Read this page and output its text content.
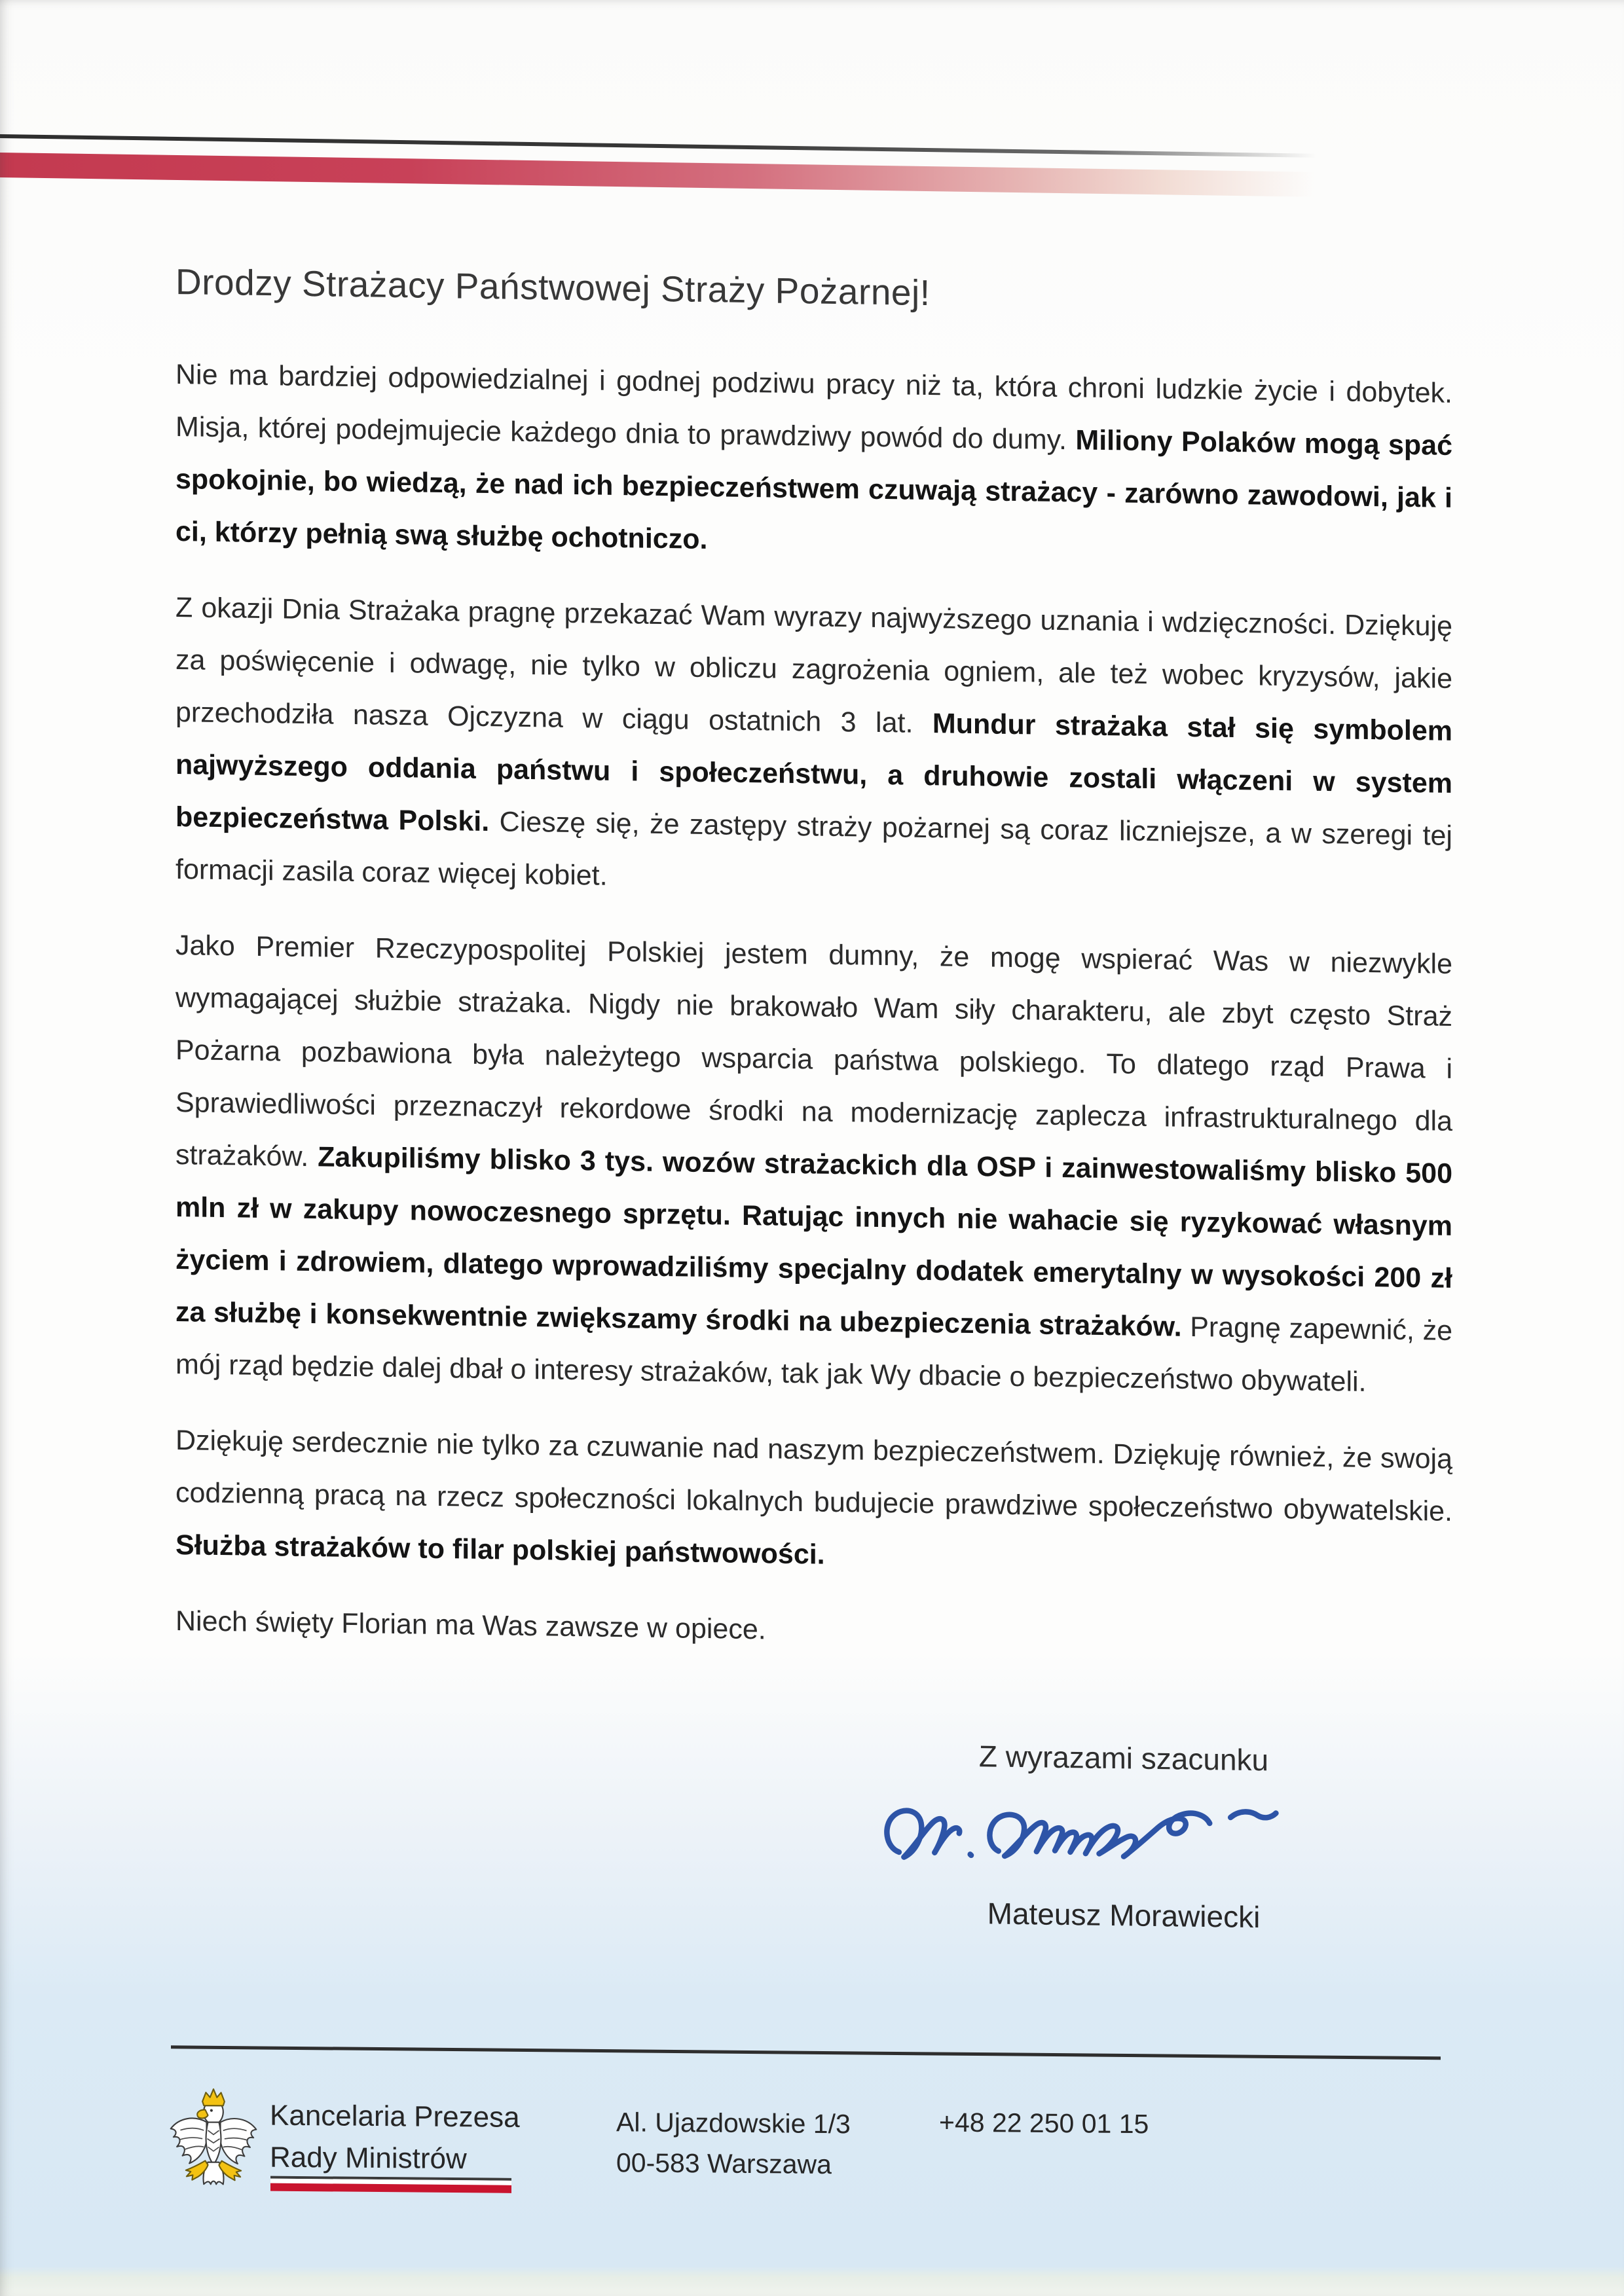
Drodzy Strażacy Państwowej Straży Pożarnej!

Nie ma bardziej odpowiedzialnej i godnej podziwu pracy niż ta, która chroni ludzkie życie i dobytek. Misja, której podejmujecie każdego dnia to prawdziwy powód do dumy. Miliony Polaków mogą spać spokojnie, bo wiedzą, że nad ich bezpieczeństwem czuwają strażacy - zarówno zawodowi, jak i ci, którzy pełnią swą służbę ochotniczo.

Z okazji Dnia Strażaka pragnę przekazać Wam wyrazy najwyższego uznania i wdzięczności. Dziękuję za poświęcenie i odwagę, nie tylko w obliczu zagrożenia ogniem, ale też wobec kryzysów, jakie przechodziła nasza Ojczyzna w ciągu ostatnich 3 lat. Mundur strażaka stał się symbolem najwyższego oddania państwu i społeczeństwu, a druhowie zostali włączeni w system bezpieczeństwa Polski. Cieszę się, że zastępy straży pożarnej są coraz liczniejsze, a w szeregi tej formacji zasila coraz więcej kobiet.

Jako Premier Rzeczypospolitej Polskiej jestem dumny, że mogę wspierać Was w niezwykle wymagającej służbie strażaka. Nigdy nie brakowało Wam siły charakteru, ale zbyt często Straż Pożarna pozbawiona była należytego wsparcia państwa polskiego. To dlatego rząd Prawa i Sprawiedliwości przeznaczył rekordowe środki na modernizację zaplecza infrastrukturalnego dla strażaków. Zakupiliśmy blisko 3 tys. wozów strażackich dla OSP i zainwestowaliśmy blisko 500 mln zł w zakupy nowoczesnego sprzętu. Ratując innych nie wahacie się ryzykować własnym życiem i zdrowiem, dlatego wprowadziliśmy specjalny dodatek emerytalny w wysokości 200 zł za służbę i konsekwentnie zwiększamy środki na ubezpieczenia strażaków. Pragnę zapewnić, że mój rząd będzie dalej dbał o interesy strażaków, tak jak Wy dbacie o bezpieczeństwo obywateli.

Dziękuję serdecznie nie tylko za czuwanie nad naszym bezpieczeństwem. Dziękuję również, że swoją codzienną pracą na rzecz społeczności lokalnych budujecie prawdziwe społeczeństwo obywatelskie. Służba strażaków to filar polskiej państwowości.

Niech święty Florian ma Was zawsze w opiece.

Z wyrazami szacunku
Mateusz Morawiecki
Kancelaria Prezesa
Rady Ministrów
Al. Ujazdowskie 1/3
00-583 Warszawa
+48 22 250 01 15
